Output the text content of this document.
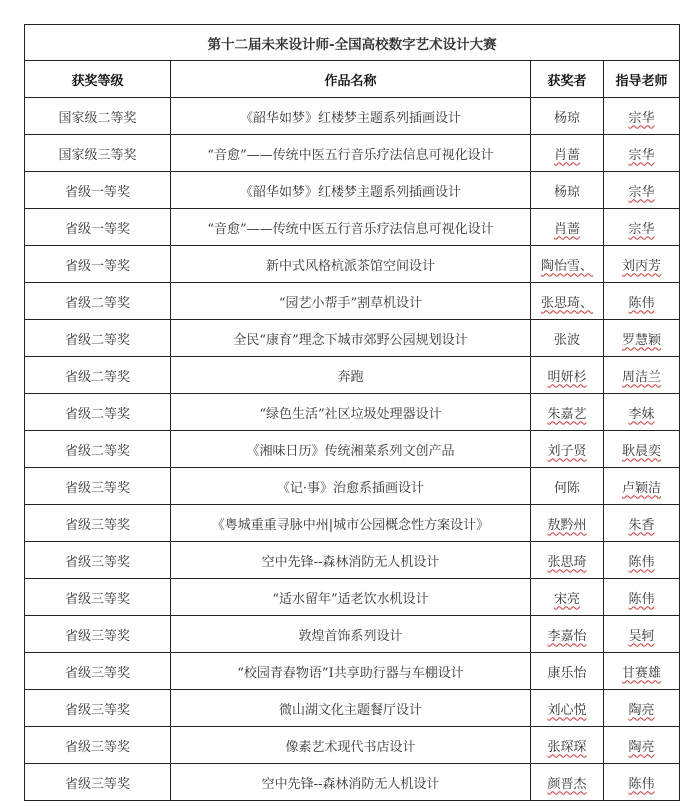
第十二届未来设计师-全国高校数字艺术设计大赛			
获奖等级	作品名称	获奖者	指导老师
国家级二等奖	《韶华如梦》红楼梦主题系列插画设计	杨琼	宗华
国家级三等奖	“音愈”——传统中医五行音乐疗法信息可视化设计	肖蔷	宗华
省级一等奖	《韶华如梦》红楼梦主题系列插画设计	杨琼	宗华
省级一等奖	“音愈”——传统中医五行音乐疗法信息可视化设计	肖蔷	宗华
省级一等奖	新中式风格杭派茶馆空间设计	陶怡雪、	刘丙芳
省级二等奖	“园艺小帮手”割草机设计	张思琦、	陈伟
省级二等奖	全民“康育”理念下城市郊野公园规划设计	张波	罗慧颖
省级二等奖	奔跑	明妍杉	周洁兰
省级二等奖	“绿色生活”社区垃圾处理器设计	朱嘉艺	李妹
省级二等奖	《湘味日历》传统湘菜系列文创产品	刘子贤	耿晨奕
省级三等奖	《记·事》治愈系插画设计	何陈	卢颖洁
省级三等奖	《粤城重重寻脉中州|城市公园概念性方案设计》	敖黔州	朱香
省级三等奖	空中先锋--森林消防无人机设计	张思琦	陈伟
省级三等奖	“适水留年”适老饮水机设计	宋亮	陈伟
省级三等奖	敦煌首饰系列设计	李嘉怡	吴轲
省级三等奖	“校园青春物语”I共享助行器与车棚设计	康乐怡	甘赛雄
省级三等奖	微山湖文化主题餐厅设计	刘心悦	陶亮
省级三等奖	像素艺术现代书店设计	张琛琛	陶亮
省级三等奖	空中先锋--森林消防无人机设计	颜晋杰	陈伟
